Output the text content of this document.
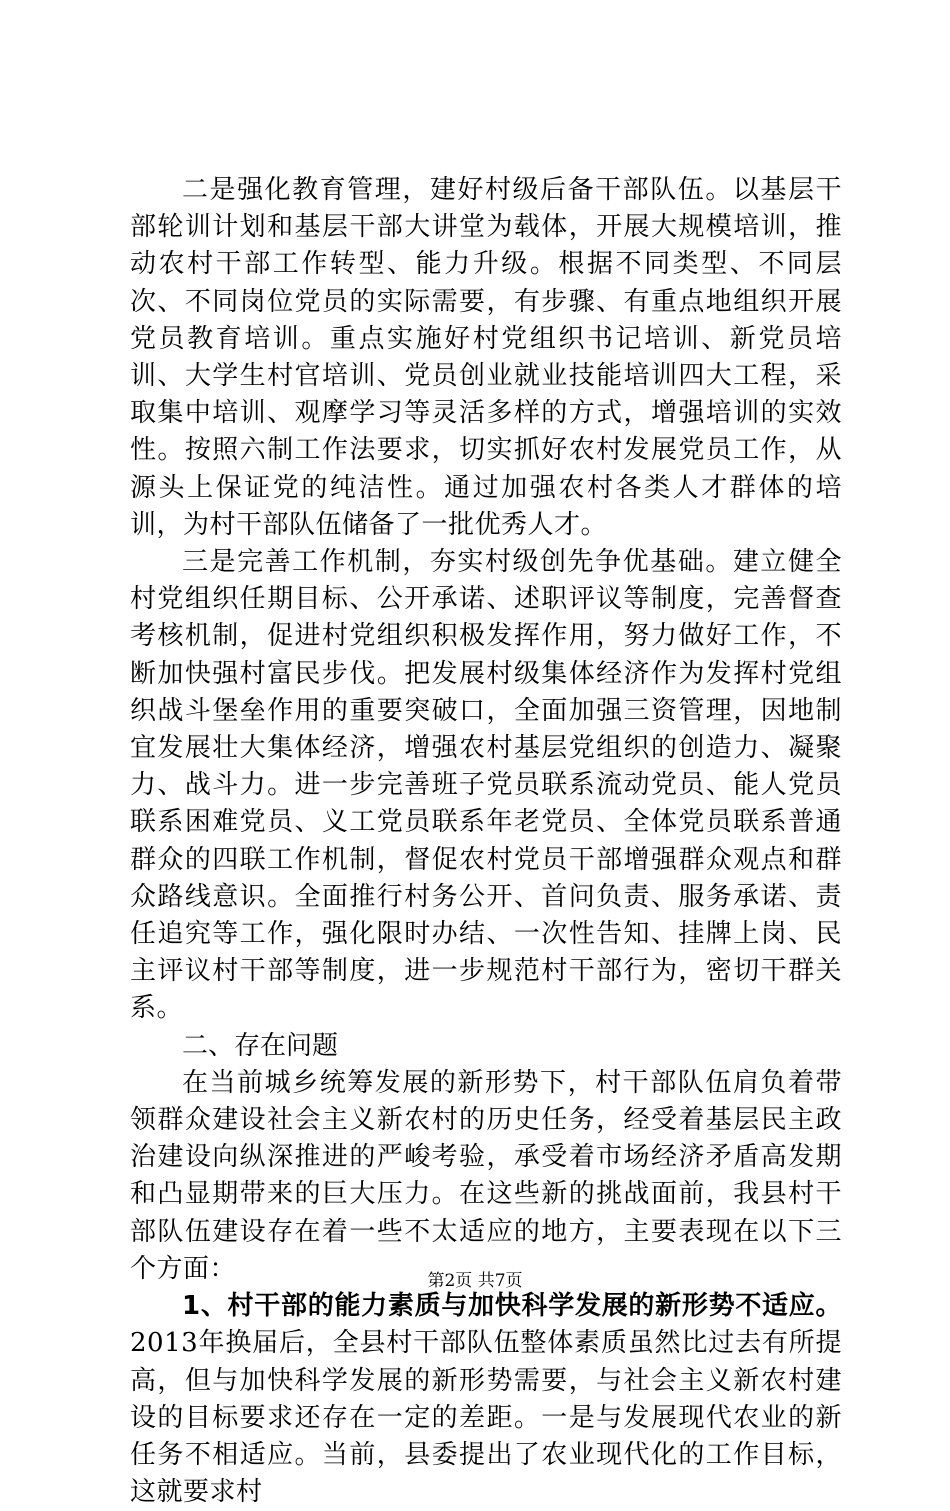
二是强化教育管理，建好村级后备干部队伍。以基层干部轮训计划和基层干部大讲堂为载体，开展大规模培训，推动农村干部工作转型、能力升级。根据不同类型、不同层次、不同岗位党员的实际需要，有步骤、有重点地组织开展党员教育培训。重点实施好村党组织书记培训、新党员培训、大学生村官培训、党员创业就业技能培训四大工程，采取集中培训、观摩学习等灵活多样的方式，增强培训的实效性。按照六制工作法要求，切实抓好农村发展党员工作，从源头上保证党的纯洁性。通过加强农村各类人才群体的培训，为村干部队伍储备了一批优秀人才。

三是完善工作机制，夯实村级创先争优基础。建立健全村党组织任期目标、公开承诺、述职评议等制度，完善督查考核机制，促进村党组织积极发挥作用，努力做好工作，不断加快强村富民步伐。把发展村级集体经济作为发挥村党组织战斗堡垒作用的重要突破口，全面加强三资管理，因地制宜发展壮大集体经济，增强农村基层党组织的创造力、凝聚力、战斗力。进一步完善班子党员联系流动党员、能人党员联系困难党员、义工党员联系年老党员、全体党员联系普通群众的四联工作机制，督促农村党员干部增强群众观点和群众路线意识。全面推行村务公开、首问负责、服务承诺、责任追究等工作，强化限时办结、一次性告知、挂牌上岗、民主评议村干部等制度，进一步规范村干部行为，密切干群关系。

二、存在问题

在当前城乡统筹发展的新形势下，村干部队伍肩负着带领群众建设社会主义新农村的历史任务，经受着基层民主政治建设向纵深推进的严峻考验，承受着市场经济矛盾高发期和凸显期带来的巨大压力。在这些新的挑战面前，我县村干部队伍建设存在着一些不太适应的地方，主要表现在以下三个方面：

1、村干部的能力素质与加快科学发展的新形势不适应。2013年换届后，全县村干部队伍整体素质虽然比过去有所提高，但与加快科学发展的新形势需要，与社会主义新农村建设的目标要求还存在一定的差距。一是与发展现代农业的新任务不相适应。当前，县委提出了农业现代化的工作目标，这就要求村

第2页 共7页
